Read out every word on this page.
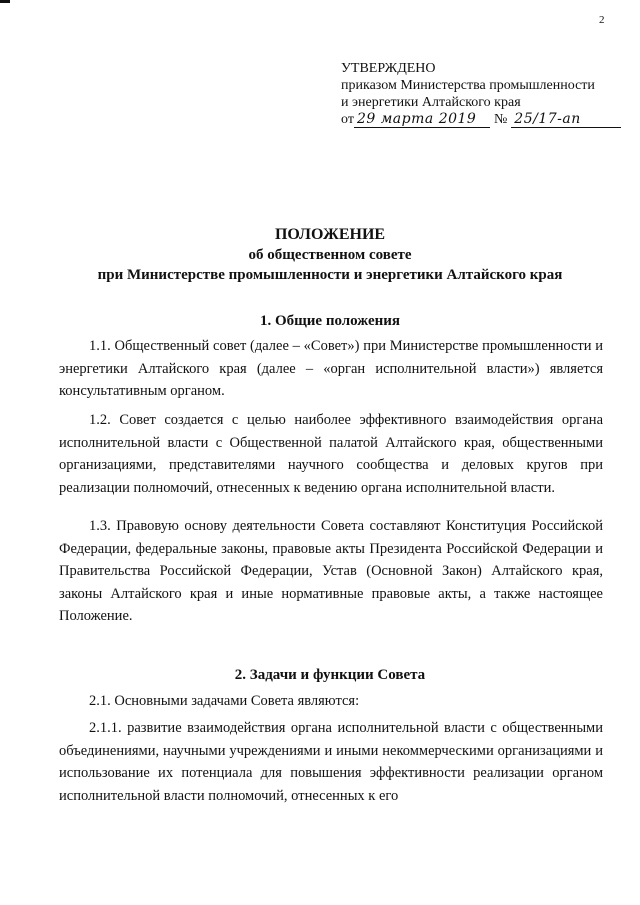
2
УТВЕРЖДЕНО
приказом Министерства промышленности
и энергетики Алтайского края
от 29 марта 2019	№ 25/17-ап
ПОЛОЖЕНИЕ
об общественном совете
при Министерстве промышленности и энергетики Алтайского края
1. Общие положения

1.1. Общественный совет (далее – «Совет») при Министерстве промышленности и энергетики Алтайского края (далее – «орган исполнительной власти») является консультативным органом.

1.2. Совет создается с целью наиболее эффективного взаимодействия органа исполнительной власти с Общественной палатой Алтайского края, общественными организациями, представителями научного сообщества и деловых кругов при реализации полномочий, отнесенных к ведению органа исполнительной власти.

1.3. Правовую основу деятельности Совета составляют Конституция Российской Федерации, федеральные законы, правовые акты Президента Российской Федерации и Правительства Российской Федерации, Устав (Основной Закон) Алтайского края, законы Алтайского края и иные нормативные правовые акты, а также настоящее Положение.

2. Задачи и функции Совета

2.1. Основными задачами Совета являются:

2.1.1. развитие взаимодействия органа исполнительной власти с общественными объединениями, научными учреждениями и иными некоммерческими организациями и использование их потенциала для повышения эффективности реализации органом исполнительной власти полномочий, отнесенных к его
